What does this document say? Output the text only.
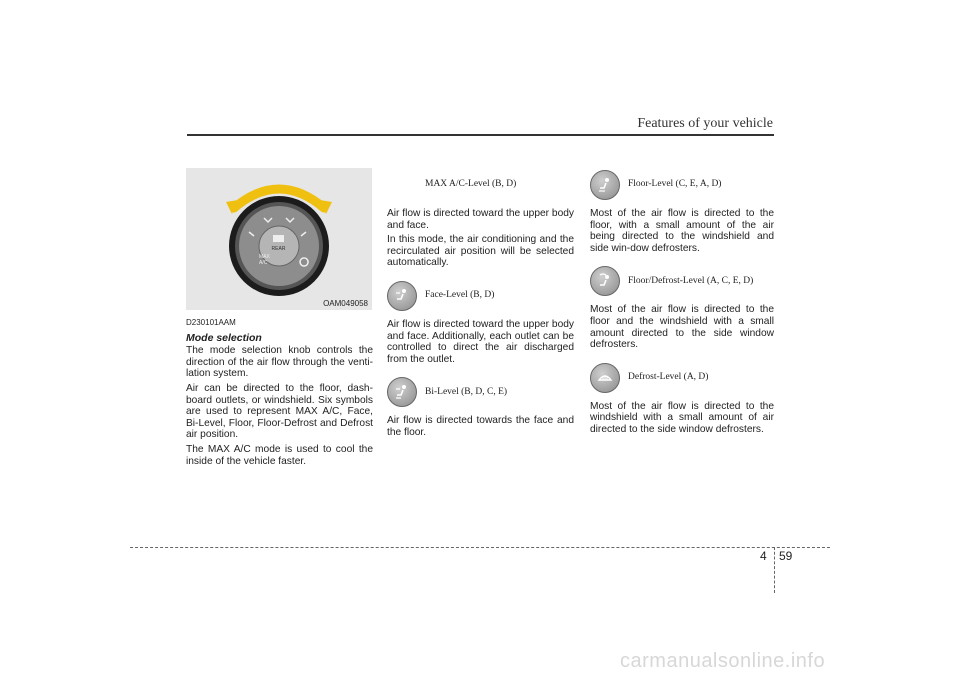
Features of your vehicle
REAR
MAX
A/C
OAM049058
D230101AAM
Mode selection

The mode selection knob controls the direction of the air flow through the venti-lation system.

Air can be directed to the floor, dash-board outlets, or windshield. Six symbols are used to represent MAX A/C, Face, Bi-Level, Floor, Floor-Defrost and Defrost air position.

The MAX A/C mode is used to cool the inside of the vehicle faster.

MAX A/C-Level (B, D)

Air flow is directed toward the upper body and face.

In this mode, the air conditioning and the recirculated air position will be selected automatically.

Face-Level (B, D)

Air flow is directed toward the upper body and face. Additionally, each outlet can be controlled to direct the air discharged from the outlet.

Bi-Level (B, D, C, E)

Air flow is directed towards the face and the floor.

Floor-Level (C, E, A, D)

Most of the air flow is directed to the floor, with a small amount of the air being directed to the windshield and side win-dow defrosters.

Floor/Defrost-Level (A, C, E, D)

Most of the air flow is directed to the floor and the windshield with a small amount directed to the side window defrosters.

Defrost-Level (A, D)

Most of the air flow is directed to the windshield with a small amount of air directed to the side window defrosters.

4 59
carmanualsonline.info
